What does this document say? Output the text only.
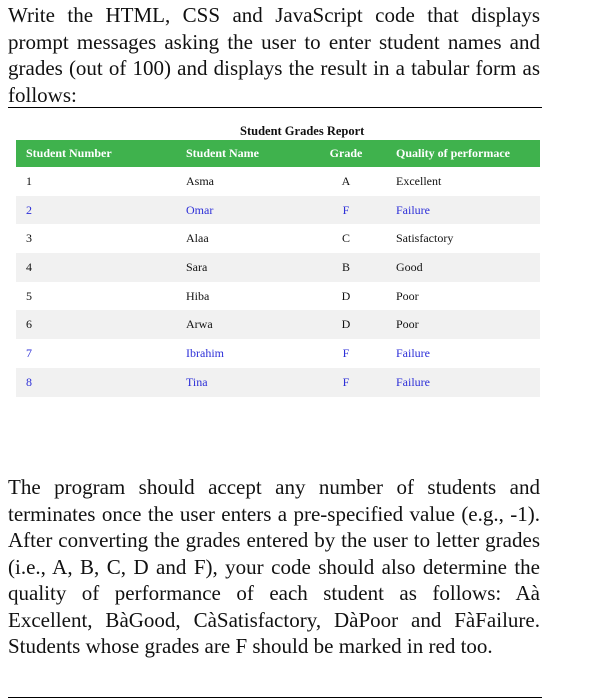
Write the HTML, CSS and JavaScript code that displays prompt messages asking the user to enter student names and grades (out of 100) and displays the result in a tabular form as follows:

Student Grades Report
Student Number	Student Name	Grade	Quality of performace
1	Asma	A	Excellent
2	Omar	F	Failure
3	Alaa	C	Satisfactory
4	Sara	B	Good
5	Hiba	D	Poor
6	Arwa	D	Poor
7	Ibrahim	F	Failure
8	Tina	F	Failure

The program should accept any number of students and terminates once the user enters a pre-specified value (e.g., -1). After converting the grades entered by the user to letter grades (i.e., A, B, C, D and F), your code should also determine the quality of performance of each student as follows: Aà Excellent, BàGood, CàSatisfactory, DàPoor and FàFailure. Students whose grades are F should be marked in red too.
